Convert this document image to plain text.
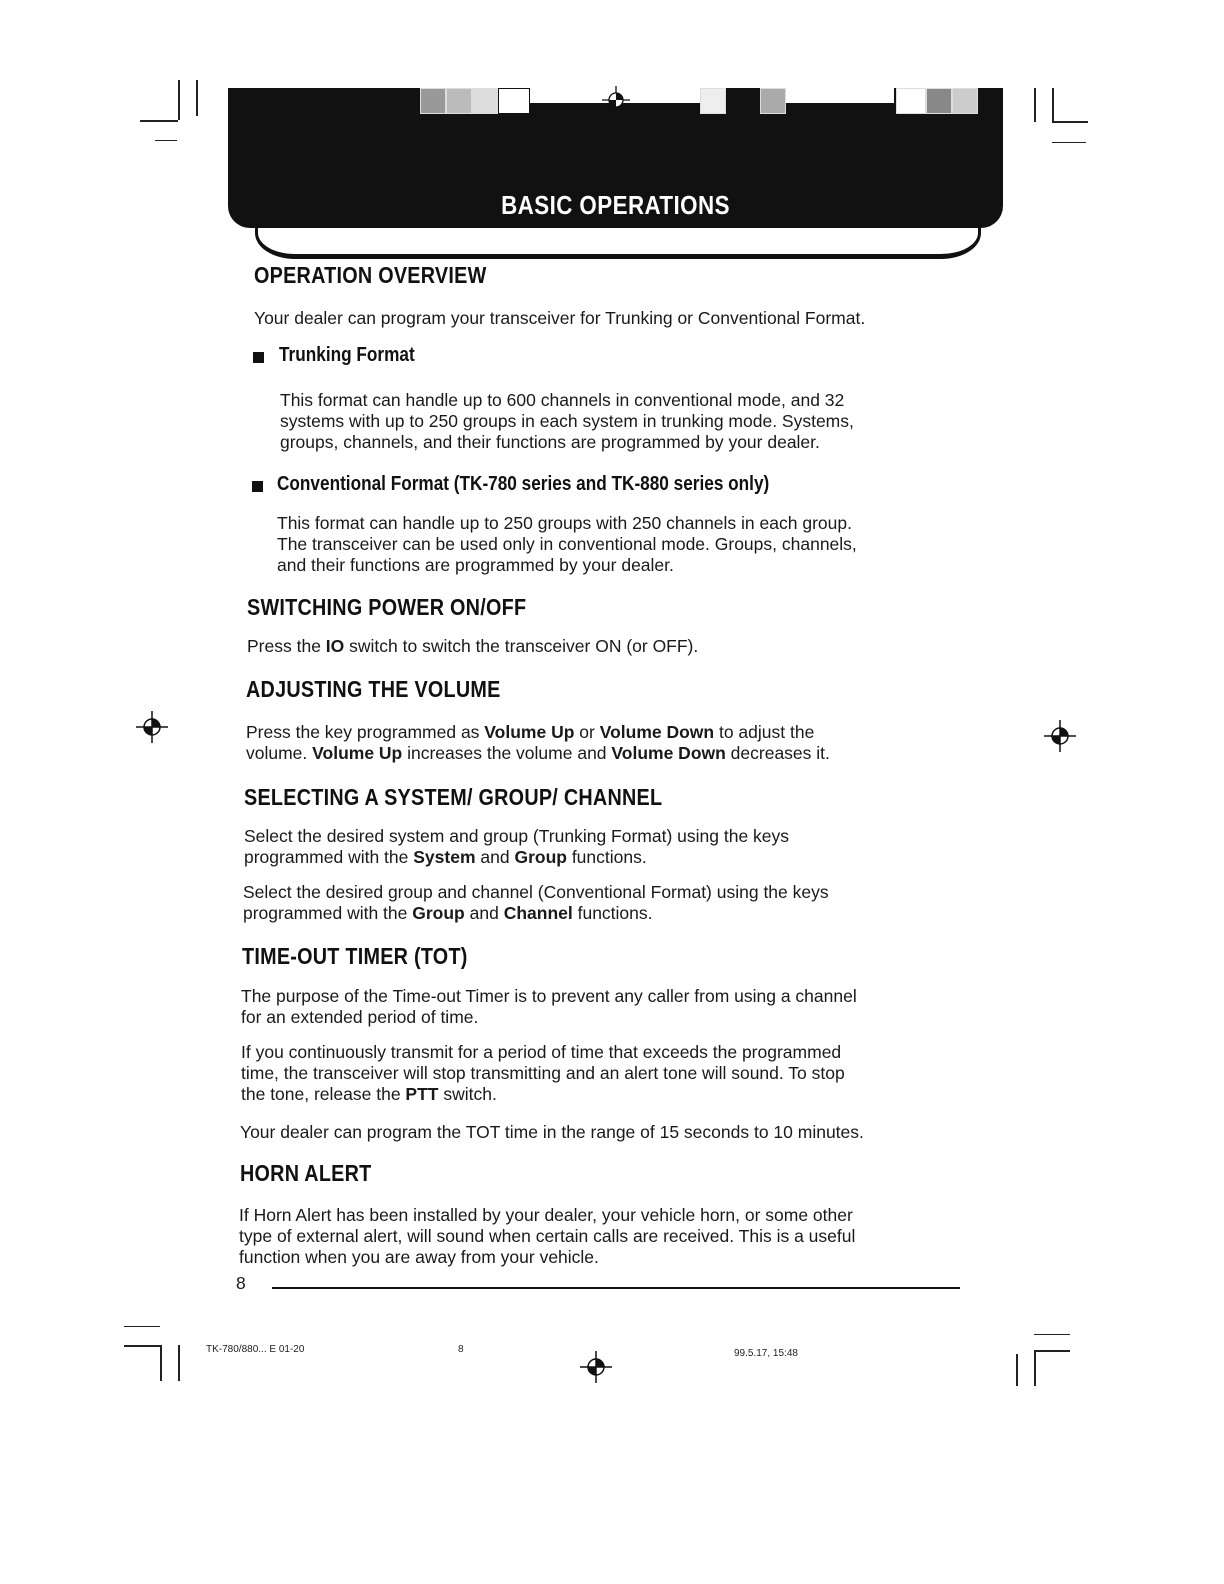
BASIC OPERATIONS
OPERATION OVERVIEW
Your dealer can program your transceiver for Trunking or Conventional Format.
Trunking Format
This format can handle up to 600 channels in conventional mode, and 32
systems with up to 250 groups in each system in trunking mode. Systems,
groups, channels, and their functions are programmed by your dealer.
Conventional Format (TK-780 series and TK-880 series only)
This format can handle up to 250 groups with 250 channels in each group.
The transceiver can be used only in conventional mode. Groups, channels,
and their functions are programmed by your dealer.
SWITCHING POWER ON/OFF
Press the IO switch to switch the transceiver ON (or OFF).
ADJUSTING THE VOLUME
Press the key programmed as Volume Up or Volume Down to adjust the
volume. Volume Up increases the volume and Volume Down decreases it.
SELECTING A SYSTEM/ GROUP/ CHANNEL
Select the desired system and group (Trunking Format) using the keys
programmed with the System and Group functions.
Select the desired group and channel (Conventional Format) using the keys
programmed with the Group and Channel functions.
TIME-OUT TIMER (TOT)
The purpose of the Time-out Timer is to prevent any caller from using a channel
for an extended period of time.
If you continuously transmit for a period of time that exceeds the programmed
time, the transceiver will stop transmitting and an alert tone will sound. To stop
the tone, release the PTT switch.
Your dealer can program the TOT time in the range of 15 seconds to 10 minutes.
HORN ALERT
If Horn Alert has been installed by your dealer, your vehicle horn, or some other
type of external alert, will sound when certain calls are received. This is a useful
function when you are away from your vehicle.
8
TK-780/880... E 01-20	8	99.5.17, 15:48
